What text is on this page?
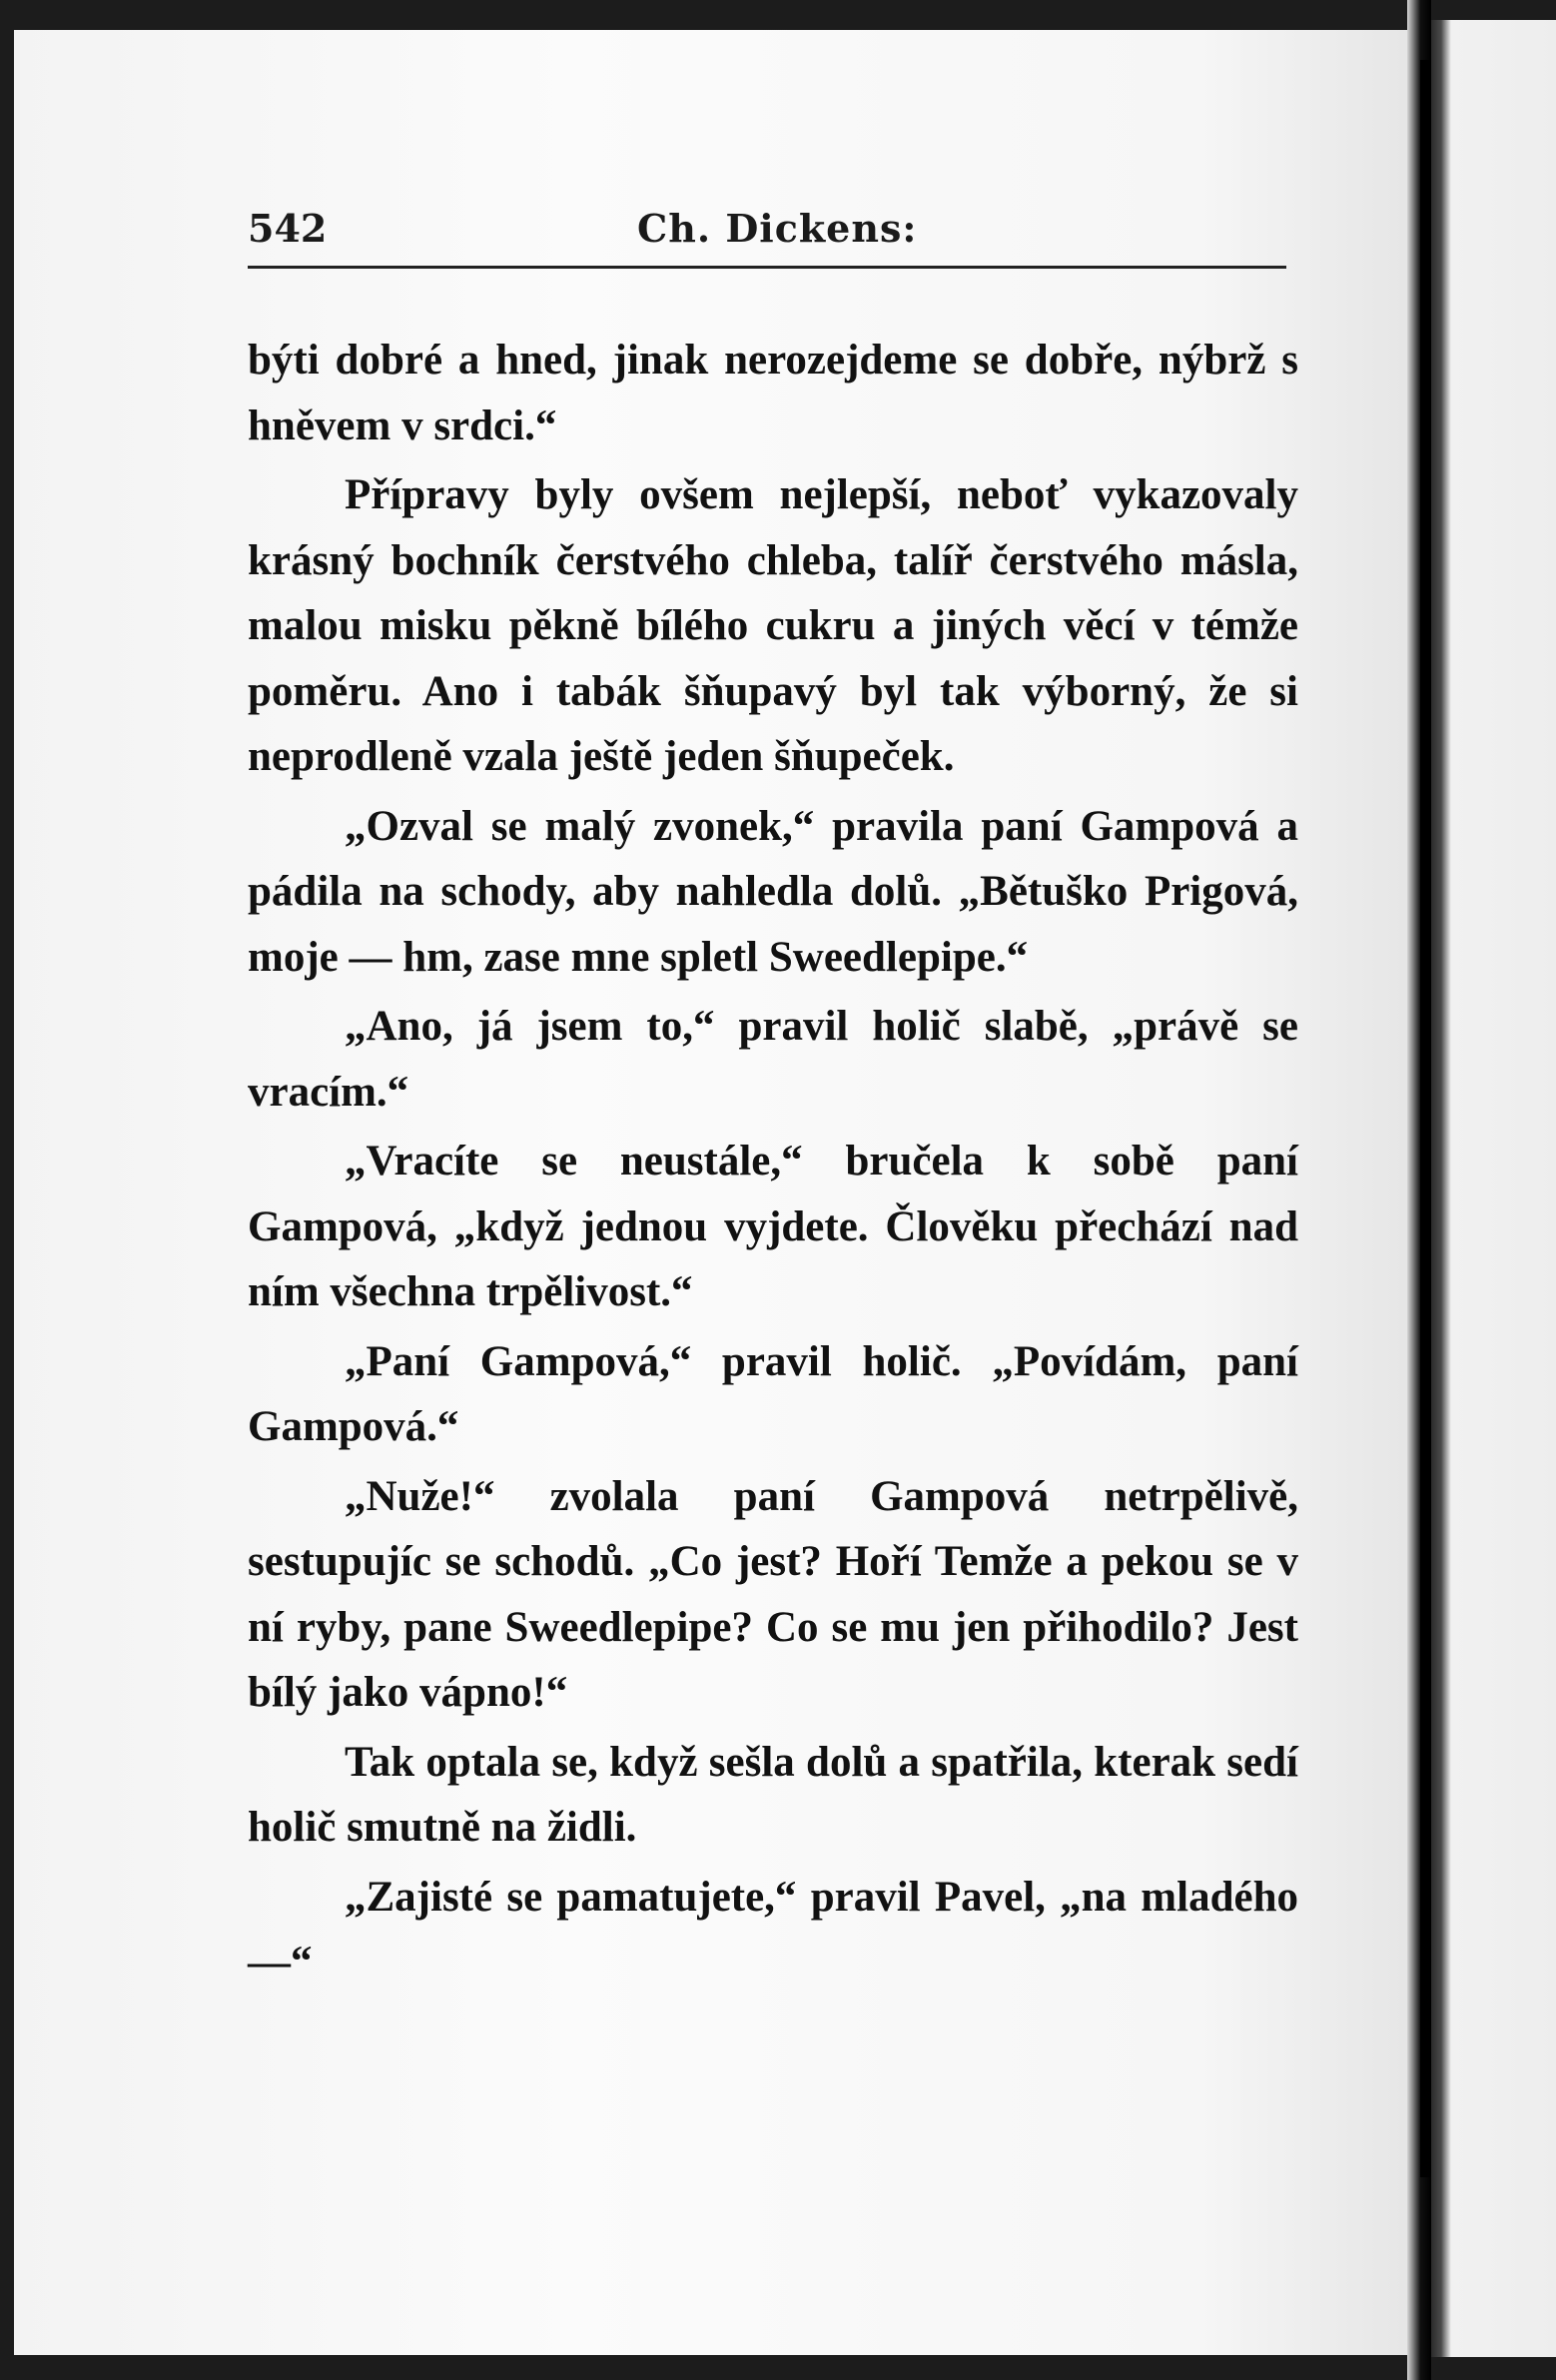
542	Ch. Dickens:

býti dobré a hned, jinak nerozejdeme se dobře, nýbrž s hněvem v srdci.“

Přípravy byly ovšem nejlepší, neboť vykazovaly krásný bochník čerstvého chleba, talíř čerstvého másla, malou misku pěkně bílého cukru a jiných věcí v témže poměru. Ano i tabák šňupavý byl tak výborný, že si neprodleně vzala ještě jeden šňupeček.

„Ozval se malý zvonek,“ pravila paní Gampová a pádila na schody, aby nahledla dolů. „Bětuško Prigová, moje — hm, zase mne spletl Sweedlepipe.“

„Ano, já jsem to,“ pravil holič slabě, „právě se vracím.“

„Vracíte se neustále,“ bručela k sobě paní Gampová, „když jednou vyjdete. Člověku přechází nad ním všechna trpělivost.“

„Paní Gampová,“ pravil holič. „Povídám, paní Gampová.“

„Nuže!“ zvolala paní Gampová netrpělivě, sestupujíc se schodů. „Co jest? Hoří Temže a pekou se v ní ryby, pane Sweedlepipe? Co se mu jen přihodilo? Jest bílý jako vápno!“

Tak optala se, když sešla dolů a spatřila, kterak sedí holič smutně na židli.

„Zajisté se pamatujete,“ pravil Pavel, „na mladého —“
